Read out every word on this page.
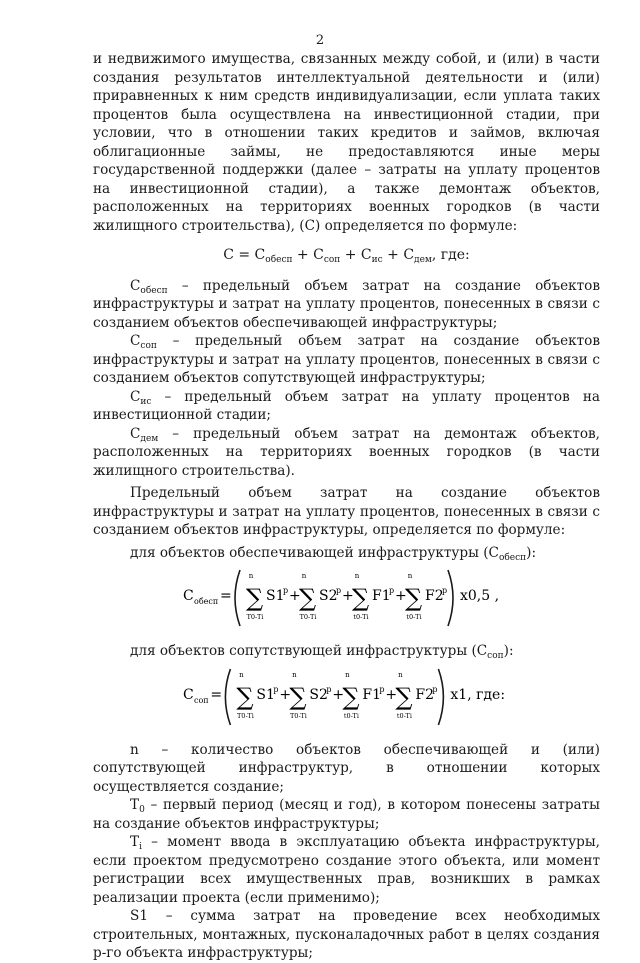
2

и недвижимого имущества, связанных между собой, и (или) в части создания результатов интеллектуальной деятельности и (или) приравненных к ним средств индивидуализации, если уплата таких процентов была осуществлена на инвестиционной стадии, при условии, что в отношении таких кредитов и займов, включая облигационные займы, не предоставляются иные меры государственной поддержки (далее – затраты на уплату процентов на инвестиционной стадии), а также демонтаж объектов, расположенных на территориях военных городков (в части жилищного строительства), (С) определяется по формуле:

$С = С_{обесп} + С_{соп} + С_{ис} + С_{дем}$, где:

$С_{обесп}$ – предельный объем затрат на создание объектов инфраструктуры и затрат на уплату процентов, понесенных в связи с созданием объектов обеспечивающей инфраструктуры;

$С_{соп}$ – предельный объем затрат на создание объектов инфраструктуры и затрат на уплату процентов, понесенных в связи с созданием объектов сопутствующей инфраструктуры;

$С_{ис}$ – предельный объем затрат на уплату процентов на инвестиционной стадии;

$С_{дем}$ – предельный объем затрат на демонтаж объектов, расположенных на территориях военных городков (в части жилищного строительства).

Предельный объем затрат на создание объектов инфраструктуры и затрат на уплату процентов, понесенных в связи с созданием объектов инфраструктуры, определяется по формуле:

для объектов обеспечивающей инфраструктуры $(С_{обесп})$:

С обесп =
n
∑
T0-Ti
S1
p +
n
∑
T0-Ti
S2
p +
n
∑
t0-Ti
F1
p +
n
∑
t0-Ti
F2
p х0,5 ,

для объектов сопутствующей инфраструктуры $(С_{соп})$:

С соп =
n
∑
T0-Ti
S1
p +
n
∑
T0-Ti
S2
p +
n
∑
t0-Ti
F1
p +
n
∑
t0-Ti
F2
p х1, где:

n – количество объектов обеспечивающей и (или) сопутствующей инфраструктур, в отношении которых осуществляется создание;

$T_0$ – первый период (месяц и год), в котором понесены затраты на создание объектов инфраструктуры;

$T_i$ – момент ввода в эксплуатацию объекта инфраструктуры, если проектом предусмотрено создание этого объекта, или момент регистрации всех имущественных прав, возникших в рамках реализации проекта (если применимо);

S1 – сумма затрат на проведение всех необходимых строительных, монтажных, пусконаладочных работ в целях создания р-го объекта инфраструктуры;
